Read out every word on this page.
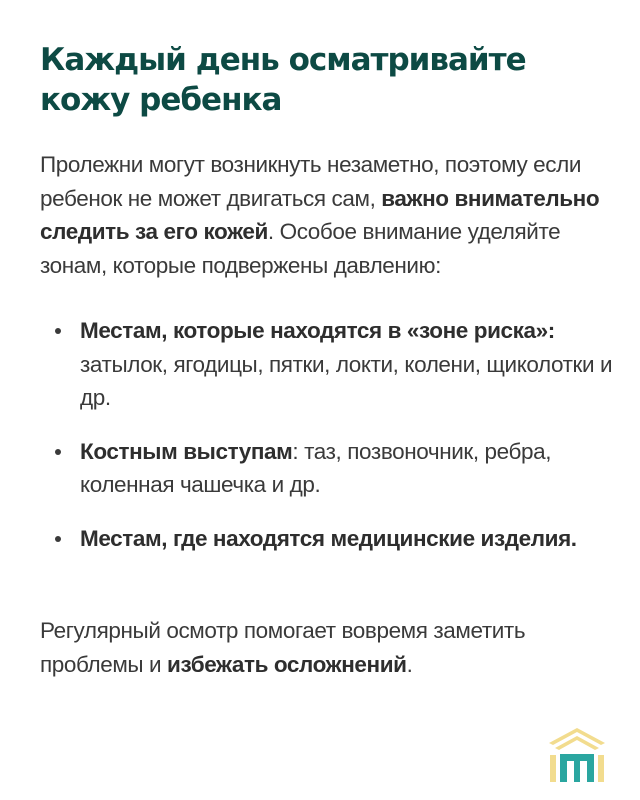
Каждый день осматривайте кожу ребенка

Пролежни могут возникнуть незаметно, поэтому если ребенок не может двигаться сам, важно внимательно следить за его кожей. Особое внимание уделяйте зонам, которые подвержены давлению:

Местам, которые находятся в «зоне риска»: затылок, ягодицы, пятки, локти, колени, щиколотки и др.
Костным выступам: таз, позвоночник, ребра, коленная чашечка и др.
Местам, где находятся медицинские изделия.

Регулярный осмотр помогает вовремя заметить проблемы и избежать осложнений.
